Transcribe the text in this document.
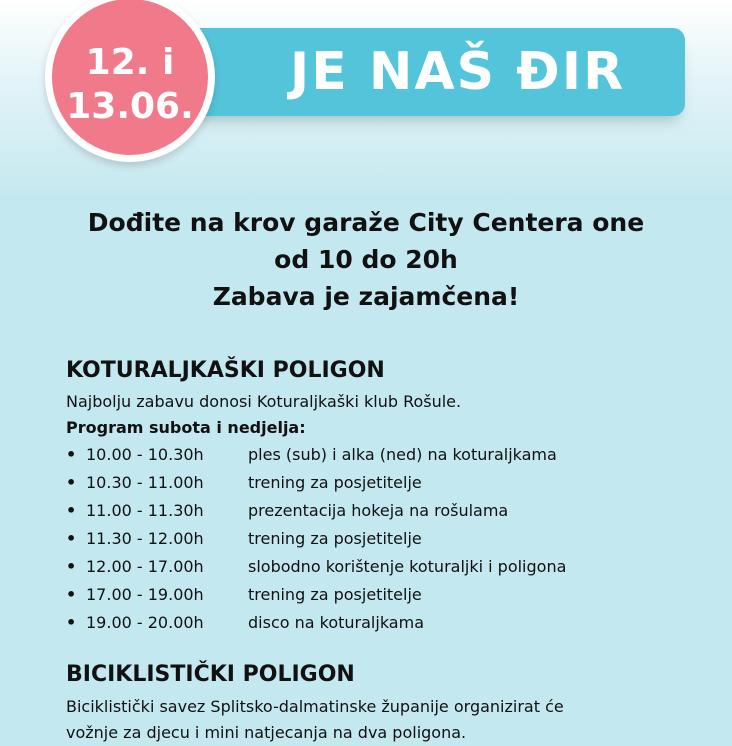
JE NAŠ ĐIR
12. i
13.06.
Dođite na krov garaže City Centera one
od 10 do 20h
Zabava je zajamčena!
KOTURALJKAŠKI POLIGON
Najbolju zabavu donosi Koturaljkaški klub Rošule.
Program subota i nedjelja:
• 10.00 - 10.30h	ples (sub) i alka (ned) na koturaljkama
• 10.30 - 11.00h	trening za posjetitelje
• 11.00 - 11.30h	prezentacija hokeja na rošulama
• 11.30 - 12.00h	trening za posjetitelje
• 12.00 - 17.00h	slobodno korištenje koturaljki i poligona
• 17.00 - 19.00h	trening za posjetitelje
• 19.00 - 20.00h	disco na koturaljkama
BICIKLISTIČKI POLIGON
Biciklistički savez Splitsko-dalmatinske županije organizirat će
vožnje za djecu i mini natjecanja na dva poligona.
